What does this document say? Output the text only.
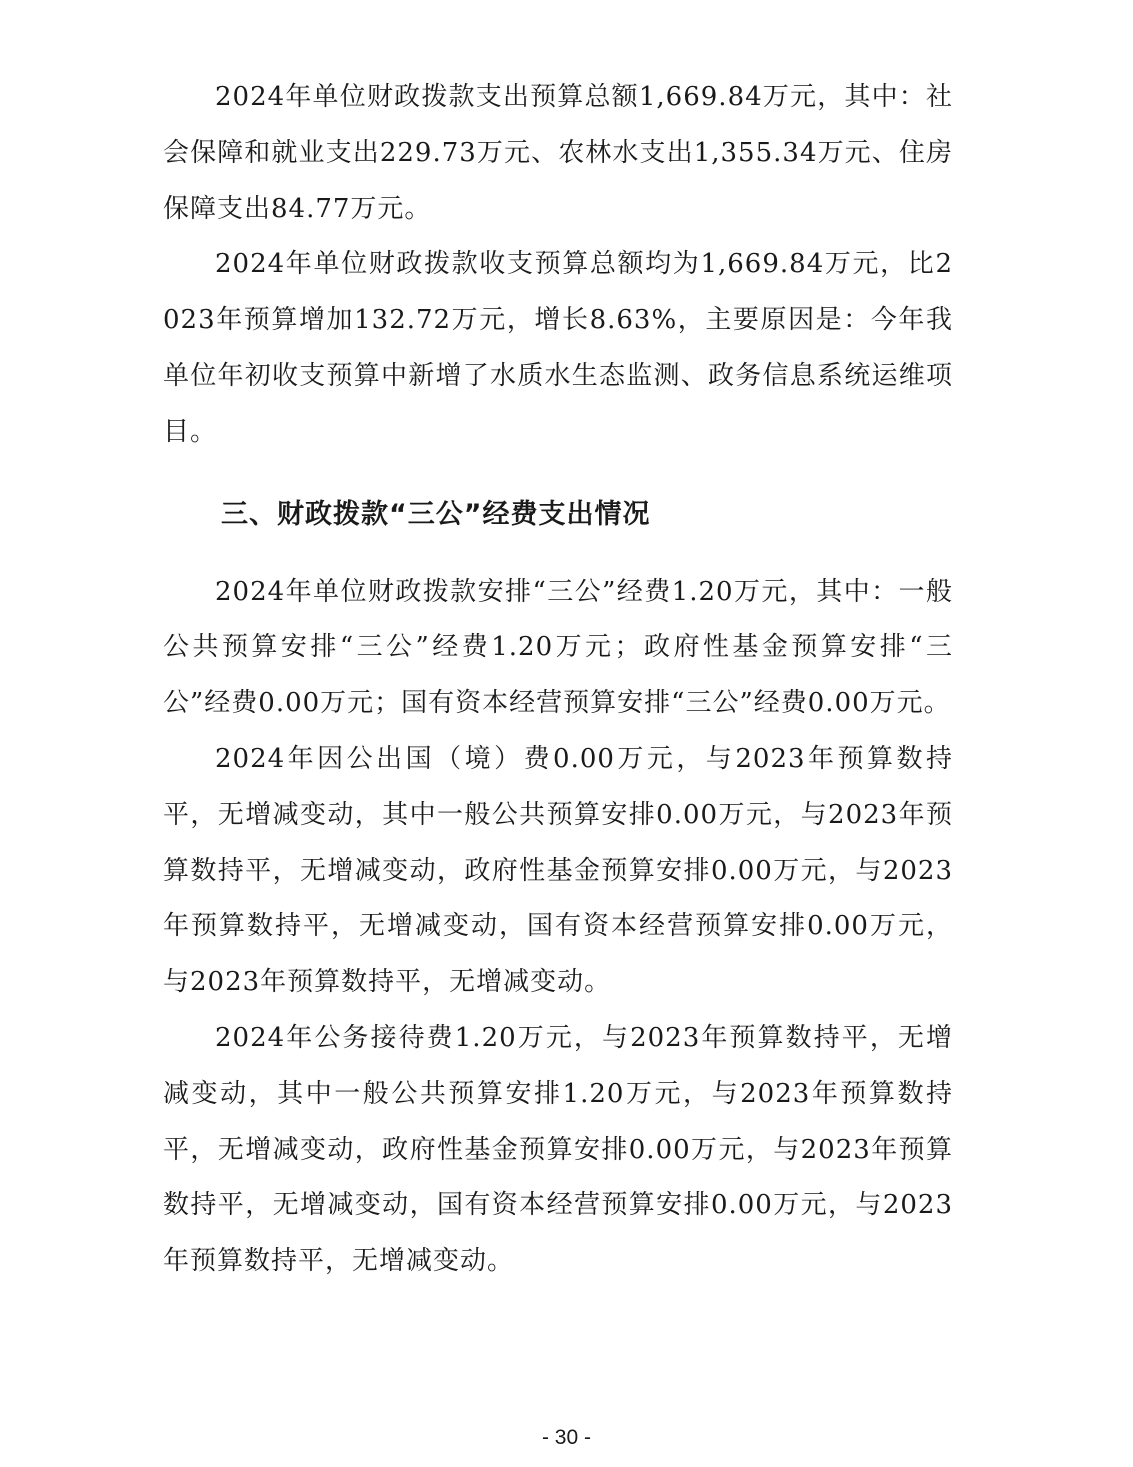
2024年单位财政拨款支出预算总额1,669.84万元，其中：社会保障和就业支出229.73万元、农林水支出1,355.34万元、住房保障支出84.77万元。

2024年单位财政拨款收支预算总额均为1,669.84万元，比2023年预算增加132.72万元，增长8.63%，主要原因是：今年我单位年初收支预算中新增了水质水生态监测、政务信息系统运维项目。

三、财政拨款“三公”经费支出情况

2024年单位财政拨款安排“三公”经费1.20万元，其中：一般公共预算安排“三公”经费1.20万元；政府性基金预算安排“三公”经费0.00万元；国有资本经营预算安排“三公”经费0.00万元。

2024年因公出国（境）费0.00万元，与2023年预算数持平，无增减变动，其中一般公共预算安排0.00万元，与2023年预算数持平，无增减变动，政府性基金预算安排0.00万元，与2023年预算数持平，无增减变动，国有资本经营预算安排0.00万元，与2023年预算数持平，无增减变动。

2024年公务接待费1.20万元，与2023年预算数持平，无增减变动，其中一般公共预算安排1.20万元，与2023年预算数持平，无增减变动，政府性基金预算安排0.00万元，与2023年预算数持平，无增减变动，国有资本经营预算安排0.00万元，与2023年预算数持平，无增减变动。

- 30 -
